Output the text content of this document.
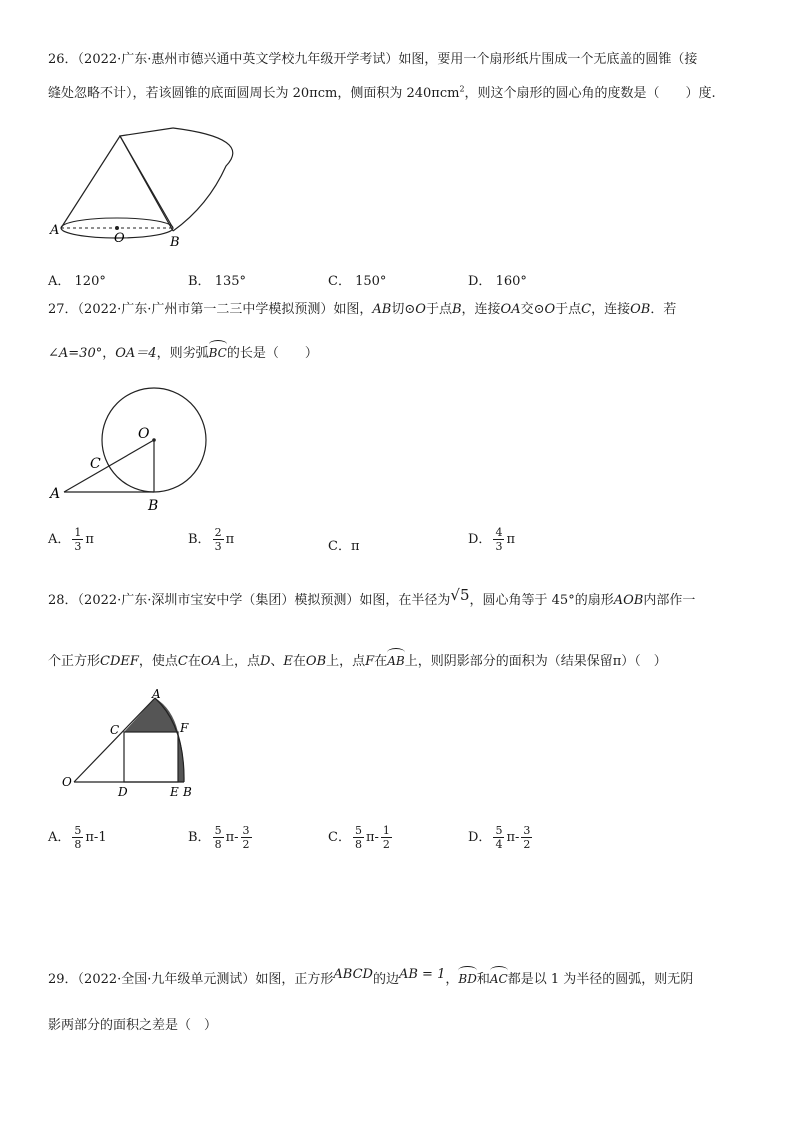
26．（2022·广东·惠州市德兴通中英文学校九年级开学考试）如图，要用一个扇形纸片围成一个无底盖的圆锥（接
缝处忽略不计），若该圆锥的底面圆周长为 20πcm，侧面积为 240πcm$^2$，则这个扇形的圆心角的度数是（　　）度.
A
O	B
A． 120°	B． 135°	C． 150°	D． 160°
27．（2022·广东·广州市第一二三中学模拟预测）如图，AB切⊙O于点B，连接OA交⊙O于点C，连接OB．若
∠A=30°，OA＝4，则劣弧BC的长是（　　）
O
C
A
B
A． $\frac{1}{3}$ π	B． $\frac{2}{3}$ π	C．π	D． $\frac{4}{3}$ π
28．（2022·广东·深圳市宝安中学（集团）模拟预测）如图，在半径为√5，圆心角等于 45°的扇形AOB内部作一
个正方形CDEF，使点C在OA上，点D、E在OB上，点F在AB上，则阴影部分的面积为（结果保留π）（　）
A
C	F
O
D	E B
A． $\frac{5}{8} \pi-1$	B． $\frac{5}{8} \pi- \frac{3}{2}$	C． $\frac{5}{8} \pi- \frac{1}{2}$	D． $\frac{5}{4} \pi- \frac{3}{2}$
29．（2022·全国·九年级单元测试）如图，正方形ABCD的边AB = 1，BD和AC都是以 1 为半径的圆弧，则无阴
影两部分的面积之差是（　）
